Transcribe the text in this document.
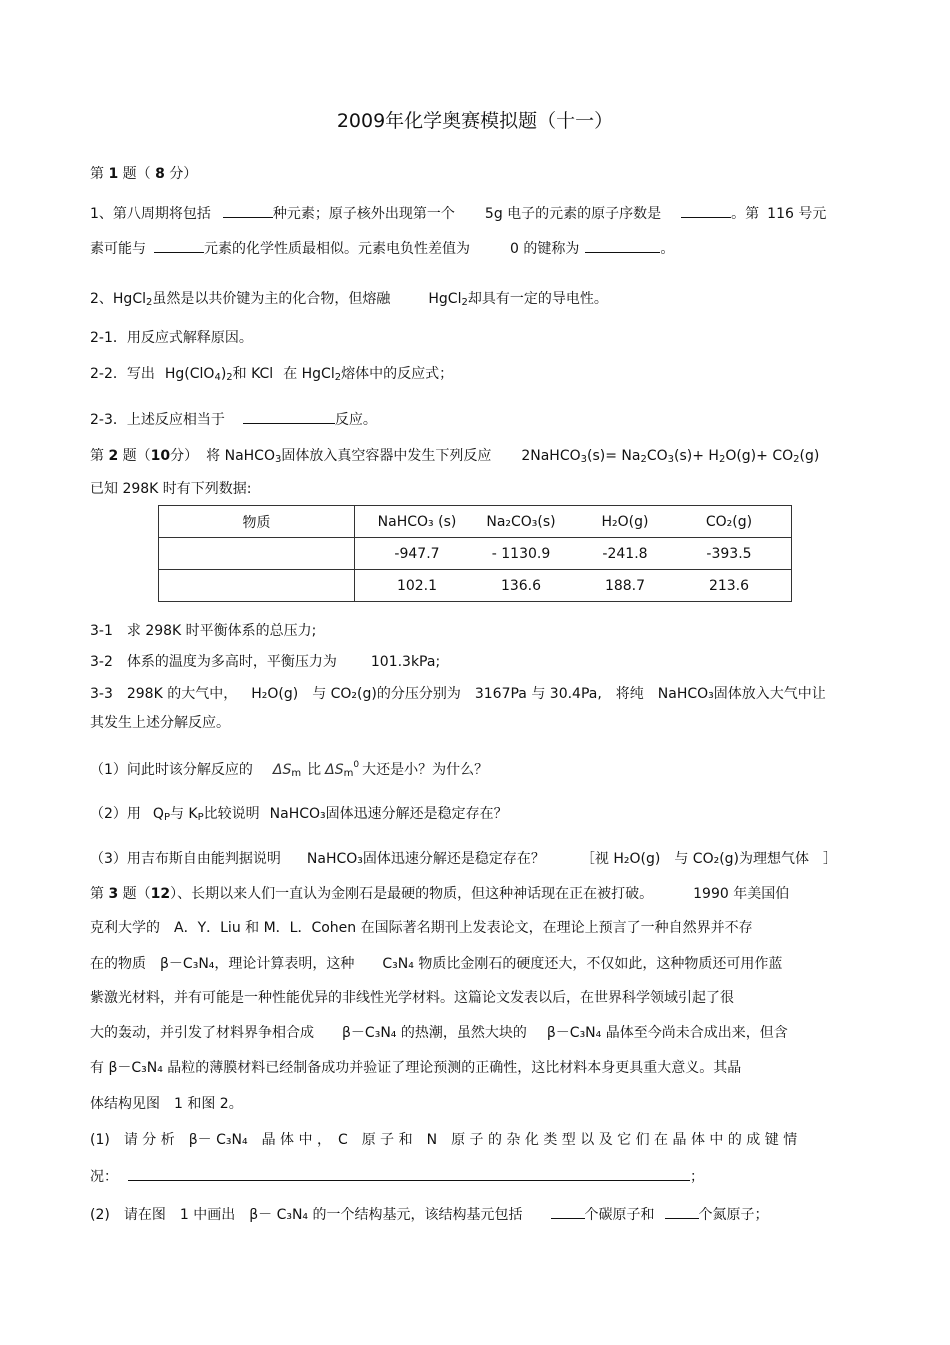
2009年化学奥赛模拟题（十一）
第 1 题（ 8 分）
1、第八周期将包括	种元素；原子核外出现第一个 5g 电子的元素的原子序数是	。第 116 号元
素可能与	元素的化学性质最相似。元素电负性差值为	0 的键称为	。
2、HgCl$_2$虽然是以共价键为主的化合物，但熔融	HgCl$_2$却具有一定的导电性。
2-1．用反应式解释原因。
2-2．写出 $Hg(ClO_4)_2$和 KCl 在 HgCl$_2$熔体中的反应式；
2-3．上述反应相当于	反应。
第 2 题（10分） 将 NaHCO$_3$固体放入真空容器中发生下列反应 2NaHCO$_3$(s)= $Na_2CO_3(s)+ H_2O(g)+ CO_2(g)$
已知 298K 时有下列数据:
物质	NaHCO₃ (s) Na₂CO₃(s) H₂O(g) CO₂(g)

	-947.7 - 1130.9 -241.8 -393.5

	102.1 136.6 188.7 213.6
3-1　求 298K 时平衡体系的总压力;
3-2　体系的温度为多高时，平衡压力为 101.3kPa;
3-3　298K 的大气中， H₂O(g)　与 CO₂(g)的分压分别为 3167Pa 与 30.4Pa,　将纯 NaHCO₃固体放入大气中让
其发生上述分解反应。
（1）问此时该分解反应的 $\Delta S_m$ 比 $\Delta S_m^0$ 大还是小？为什么？
（2）用 $Q_P$与 $K_P$比较说明 NaHCO₃固体迅速分解还是稳定存在？
（3）用吉布斯自由能判据说明 NaHCO₃固体迅速分解还是稳定存在？	［视 H₂O(g)　与 CO₂(g)为理想气体 ］
第 3 题（12）、长期以来人们一直认为金刚石是最硬的物质，但这种神话现在正在被打破。	1990 年美国伯
克利大学的　A．Y．Liu 和 M．L．Cohen 在国际著名期刊上发表论文，在理论上预言了一种自然界并不存
在的物质　β－C₃N₄，理论计算表明，这种　　C₃N₄ 物质比金刚石的硬度还大，不仅如此，这种物质还可用作蓝
紫激光材料，并有可能是一种性能优异的非线性光学材料。这篇论文发表以后，在世界科学领域引起了很
大的轰动，并引发了材料界争相合成 β－C₃N₄ 的热潮，虽然大块的 β－C₃N₄ 晶体至今尚未合成出来，但含
有 β－C₃N₄ 晶粒的薄膜材料已经制备成功并验证了理论预测的正确性，这比材料本身更具重大意义。其晶
体结构见图　1 和图 2。
(1)　请 分 析　β－ C₃N₄　晶 体 中 ，　C　原 子 和　N　原 子 的 杂 化 类 型 以 及 它 们 在 晶 体 中 的 成 键 情
况：	；
(2)　请在图　1 中画出　β－ C₃N₄ 的一个结构基元，该结构基元包括	个碳原子和	个氮原子；
